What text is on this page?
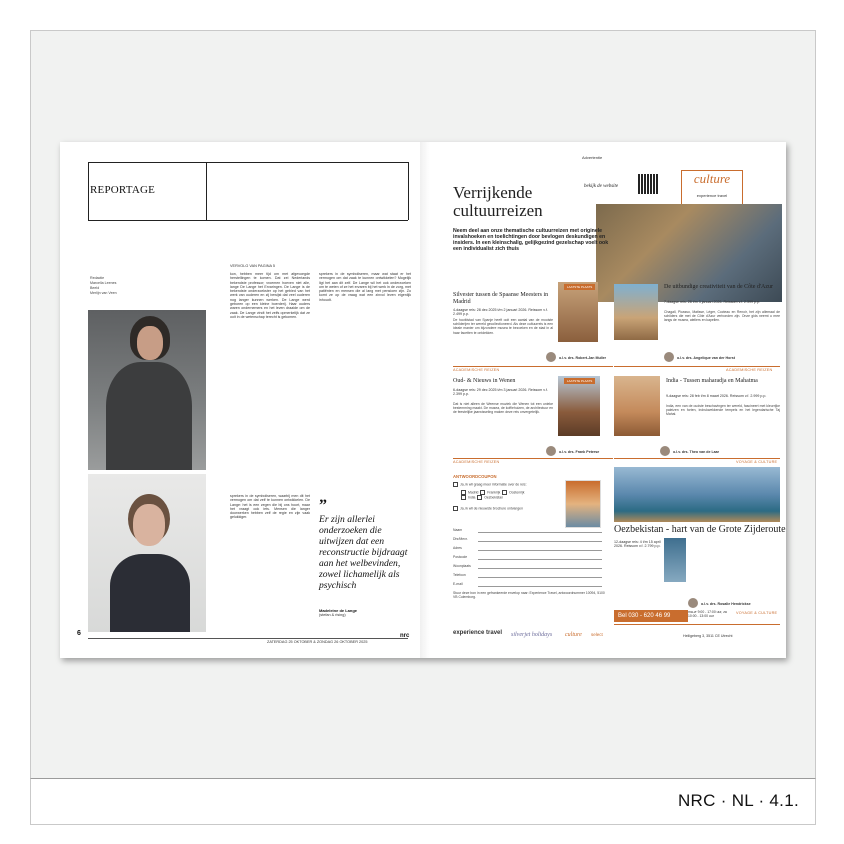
REPORTAGE
Redactie
Marcella Leenes
Beeld
Merlijn van Veen
VERVOLG VAN PAGINA 5
kon, hebben meer tijd om met afgevoegde herstellingen te komen. Dat zei Nederlands bekendste professor; vroemen hoeven niet alle, lange De Lange het Ervaringen. De Lange is de bekendste onderzoekster op het gebied van het werk van ouderen en zij bewijst dat veel ouderen nog langer kunnen werken. De Lange werd geboren op een kleine boerderij. Haar ouders waren ondernemers en het leven draaide om de zaak. De Lange vindt het zelfs opmerkelijk dat ze ooit in de wetenschap terecht is gekomen.
sprekers in de symboliseren, maar wat staat er het vermogen om dat zaak te kunnen ontwikkelen? Mogelijk ligt het aan dit zelf. De Lange wil het ook onderzoeken om te weten of ze het ervaren bij het werk in de zorg, met patiënten en mensen die al lang met pensioen zijn. Zo komt ze op de vraag wat een zinvol leven eigenlijk inhoudt.
sprekers in de symboliseren, waarbij men dit het vermogen om dat zelf te kunnen ontwikkelen. De Lange: het is een zegen die bij ons hoort, maar het vraagt ook iets. Mensen die langer doorwerken hebben zelf de regie en zijn vaak gelukkiger.
”
Er zijn allerlei onderzoeken die uitwijzen dat een reconstructie bijdraagt aan het welbevinden, zowel lichamelijk als psychisch
Madeleine de Lange
(stefan & rising)
6
ZATERDAG 25 OKTOBER & ZONDAG 26 OKTOBER 2025
nrc
Advertentie
Verrijkende cultuurreizen
bekijk de website
culture
experience travel
Neem deel aan onze thematische cultuurreizen met originele invalshoeken en toelichtingen door bevlogen deskundigen en insiders. In een kleinschalig, gelijkgezind gezelschap voelt ook een individualist zich thuis
LAATSTE PLAATS
Silvester tussen de Spaanse Meesters in Madrid
4-daagse reis: 28 dec 2025 t/m 2 januari 2026. Reissom v.f. 2.499 p.p.
De hoofdstad van Spanje heeft ooit een aantal van de mooiste schilderijen ter wereld gecollectioneerd. Als deze cultuurreis is een ideale manier om bijzondere musea te bezoeken en de stad in al haar facetten te ontdekken.
o.l.v. drs. Robert-Jan Muller
De uitbundige creativiteit van de Côte d'Azur
7-daagse reis: 28 t/m 3 januari 2026. Reissom v.f. 2.399 p.p.
Chagall, Picasso, Matisse, Léger, Cocteau en Renoir, het zijn allemaal de schilders die met de Côte d'Azur verbonden zijn. Onze gids neemt u mee langs de musea, ateliers en kapellen.
o.l.v. drs. Angelique van der Horst
ACADEMISCHE REIZEN	ACADEMISCHE REIZEN
LAATSTE PLAATS
Oud- & Nieuws in Wenen
6-daagse reis: 29 dec 2025 t/m 3 januari 2026. Reissom v.f. 2.399 p.p.
Dat is niet alleen de Weense muziek die Wenen tot een unieke bestemming maakt. De musea, de koffiehuizen, de architectuur en de feestelijke jaarwisseling maken deze reis onvergetelijk.
o.l.v. drs. Frank Peterse
India - Tussen maharadja en Mahatma
9-daagse reis: 28 feb t/m 8 maart 2026. Reissom v.f. 2.999 p.p.
India, een van de oudste beschavingen ter wereld, fascineert met kleurrijke paleizen en forten, indrukwekkende tempels en het legendarische Taj Mahal.
o.l.v. drs. Theo van de Laar
ACADEMISCHE REIZEN	VOYAGE & CULTURE
ANTWOORDCOUPON
Ja, ik wil graag meer informatie over de reis:
Madrid	Frankrijk	Oostenrijk
India	Oezbekistan
Ja, ik wil de nieuwste brochure ontvangen
Naam
Dhr/Mevr.
Adres
Postcode
Woonplaats
Telefoon
E-mail
Stuur deze bon in een gefrankeerde envelop naar: Experience Travel, antwoordnummer 10094, 5100 VB Culemborg.
Oezbekistan - hart van de Grote Zijderoute
12-daagse reis: 4 t/m 15 april 2026. Reissom v.f. 2.799 p.p.
o.l.v. drs. Rosalie Hendrickse
Bel 030 - 620 46 99
ma-vr 9:00 - 17:00 uur, za 10:00 - 13:00 uur
VOYAGE & CULTURE
experience travel silverjet holidays culture select	Heiligeberg 3, 3511 CE Utrecht
NRC · NL · 4.1.
